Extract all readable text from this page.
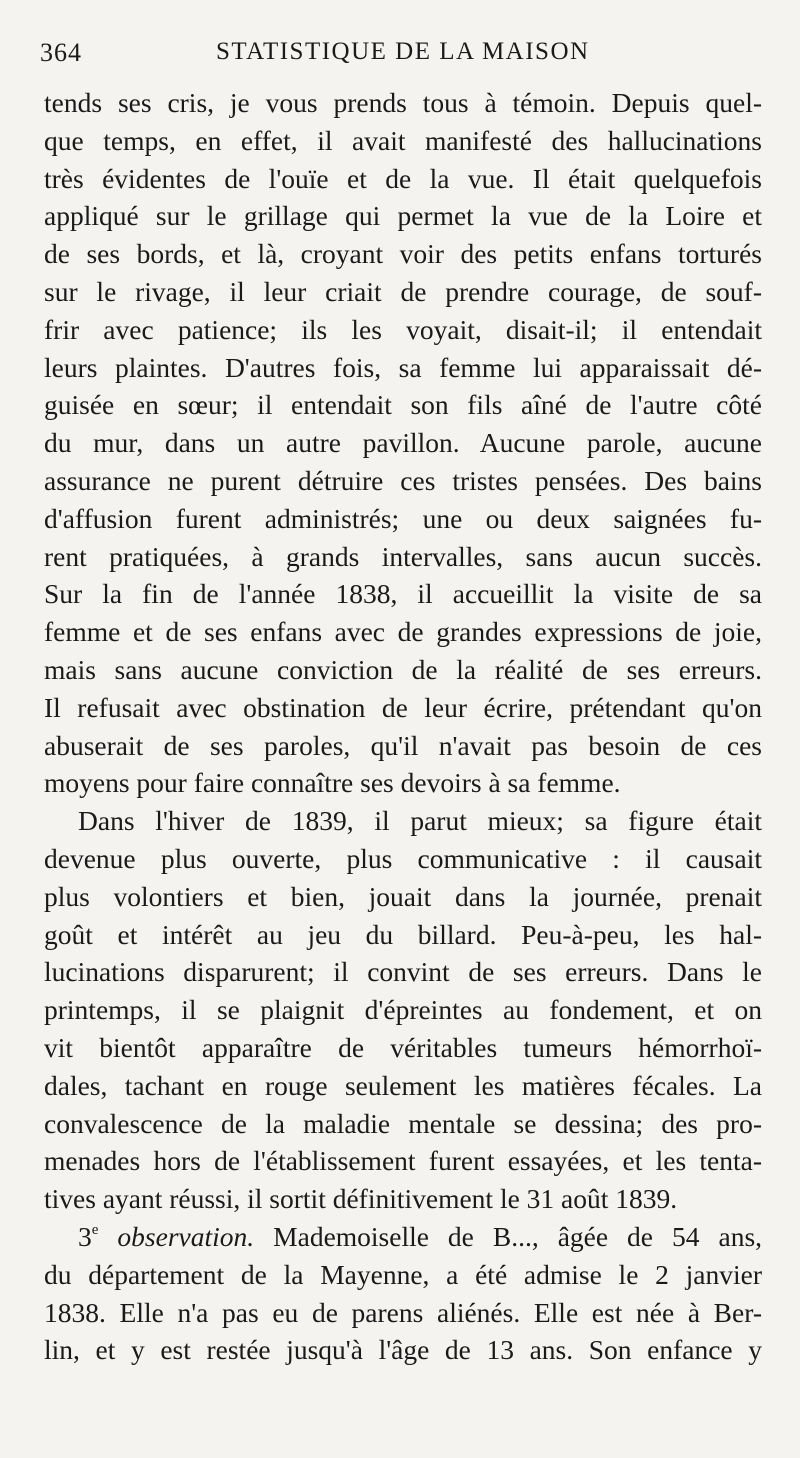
364	STATISTIQUE DE LA MAISON
tends ses cris, je vous prends tous à témoin. Depuis quel-
que temps, en effet, il avait manifesté des hallucinations
très évidentes de l'ouïe et de la vue. Il était quelquefois
appliqué sur le grillage qui permet la vue de la Loire et
de ses bords, et là, croyant voir des petits enfans torturés
sur le rivage, il leur criait de prendre courage, de souf-
frir avec patience; ils les voyait, disait-il; il entendait
leurs plaintes. D'autres fois, sa femme lui apparaissait dé-
guisée en sœur; il entendait son fils aîné de l'autre côté
du mur, dans un autre pavillon. Aucune parole, aucune
assurance ne purent détruire ces tristes pensées. Des bains
d'affusion furent administrés; une ou deux saignées fu-
rent pratiquées, à grands intervalles, sans aucun succès.
Sur la fin de l'année 1838, il accueillit la visite de sa
femme et de ses enfans avec de grandes expressions de joie,
mais sans aucune conviction de la réalité de ses erreurs.
Il refusait avec obstination de leur écrire, prétendant qu'on
abuserait de ses paroles, qu'il n'avait pas besoin de ces
moyens pour faire connaître ses devoirs à sa femme.
Dans l'hiver de 1839, il parut mieux; sa figure était
devenue plus ouverte, plus communicative : il causait
plus volontiers et bien, jouait dans la journée, prenait
goût et intérêt au jeu du billard. Peu-à-peu, les hal-
lucinations disparurent; il convint de ses erreurs. Dans le
printemps, il se plaignit d'épreintes au fondement, et on
vit bientôt apparaître de véritables tumeurs hémorrhoï-
dales, tachant en rouge seulement les matières fécales. La
convalescence de la maladie mentale se dessina; des pro-
menades hors de l'établissement furent essayées, et les tenta-
tives ayant réussi, il sortit définitivement le 31 août 1839.
3e observation. Mademoiselle de B..., âgée de 54 ans,
du département de la Mayenne, a été admise le 2 janvier
1838. Elle n'a pas eu de parens aliénés. Elle est née à Ber-
lin, et y est restée jusqu'à l'âge de 13 ans. Son enfance y
